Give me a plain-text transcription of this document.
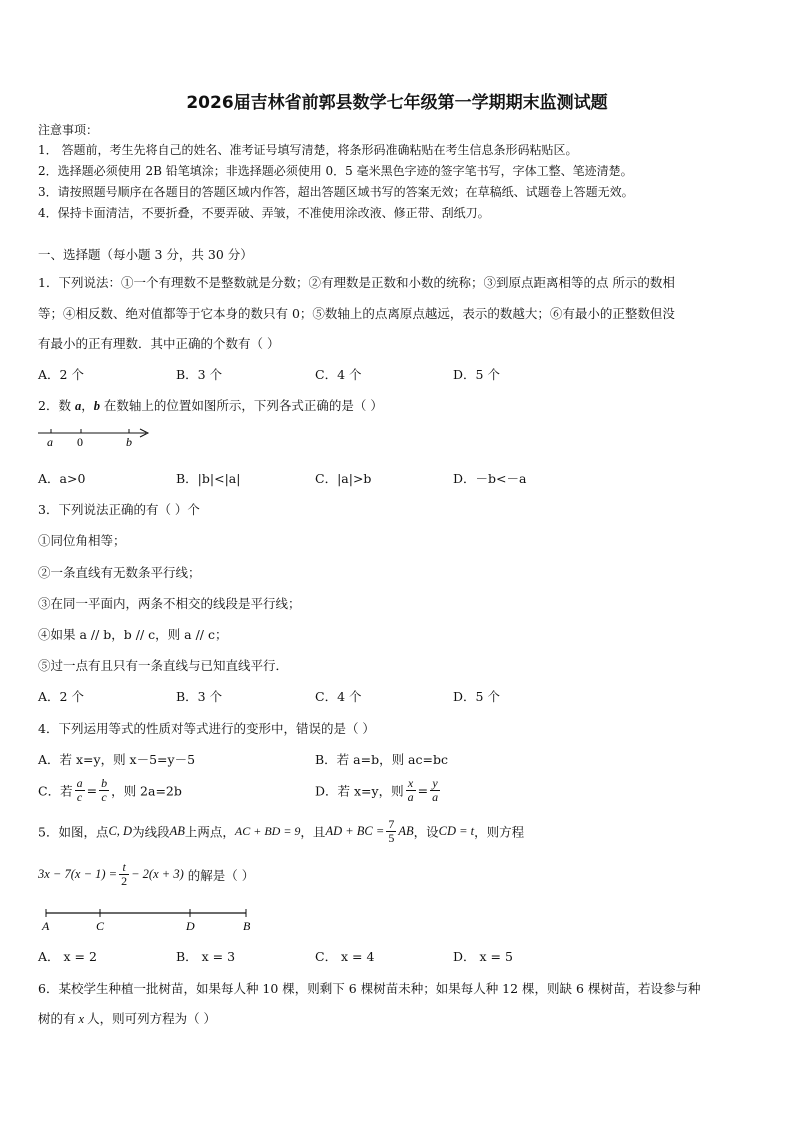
2026届吉林省前郭县数学七年级第一学期期末监测试题
注意事项：
1． 答题前，考生先将自己的姓名、准考证号填写清楚，将条形码准确粘贴在考生信息条形码粘贴区。
2．选择题必须使用 2B 铅笔填涂；非选择题必须使用 0．5 毫米黑色字迹的签字笔书写，字体工整、笔迹清楚。
3．请按照题号顺序在各题目的答题区域内作答，超出答题区域书写的答案无效；在草稿纸、试题卷上答题无效。
4．保持卡面清洁，不要折叠，不要弄破、弄皱，不准使用涂改液、修正带、刮纸刀。
一、选择题（每小题 3 分，共 30 分）
1．下列说法：①一个有理数不是整数就是分数；②有理数是正数和小数的统称；③到原点距离相等的点 所示的数相
等；④相反数、绝对值都等于它本身的数只有 0；⑤数轴上的点离原点越远，表示的数越大；⑥有最小的正整数但没
有最小的正有理数．其中正确的个数有（ ）
A．2 个	B．3 个	C．4 个	D．5 个
2．数 a，b 在数轴上的位置如图所示，下列各式正确的是（ ）
a 0	b
A．a>0	B．|b|<|a|	C．|a|>b	D．－b<－a
3．下列说法正确的有（ ）个
①同位角相等；
②一条直线有无数条平行线；
③在同一平面内，两条不相交的线段是平行线；
④如果 a // b，b // c，则 a // c；
⑤过一点有且只有一条直线与已知直线平行．
A．2 个	B．3 个	C．4 个	D．5 个
4．下列运用等式的性质对等式进行的变形中，错误的是（ ）
A．若 x=y，则 x－5=y－5	B．若 a=b，则 ac=bc
C．若 $\frac{a}{c} = \frac{b}{c}$ ，则 2a=2b	D．若 x=y，则 $\frac{x}{a} = \frac{y}{a}$
5．如图，点C, D为线段AB上两点，AC + BD = 9，且AD + BC = $\frac{7}{5}$ AB，设CD = t，则方程
$3x - 7(x - 1) = \frac{t}{2} - 2(x + 3)$ 的解是（ ）
A	C	D	B
A． x = 2	B． x = 3	C． x = 4	D． x = 5
6．某校学生种植一批树苗，如果每人种 10 棵，则剩下 6 棵树苗未种；如果每人种 12 棵，则缺 6 棵树苗，若设参与种
树的有 x 人，则可列方程为（ ）
